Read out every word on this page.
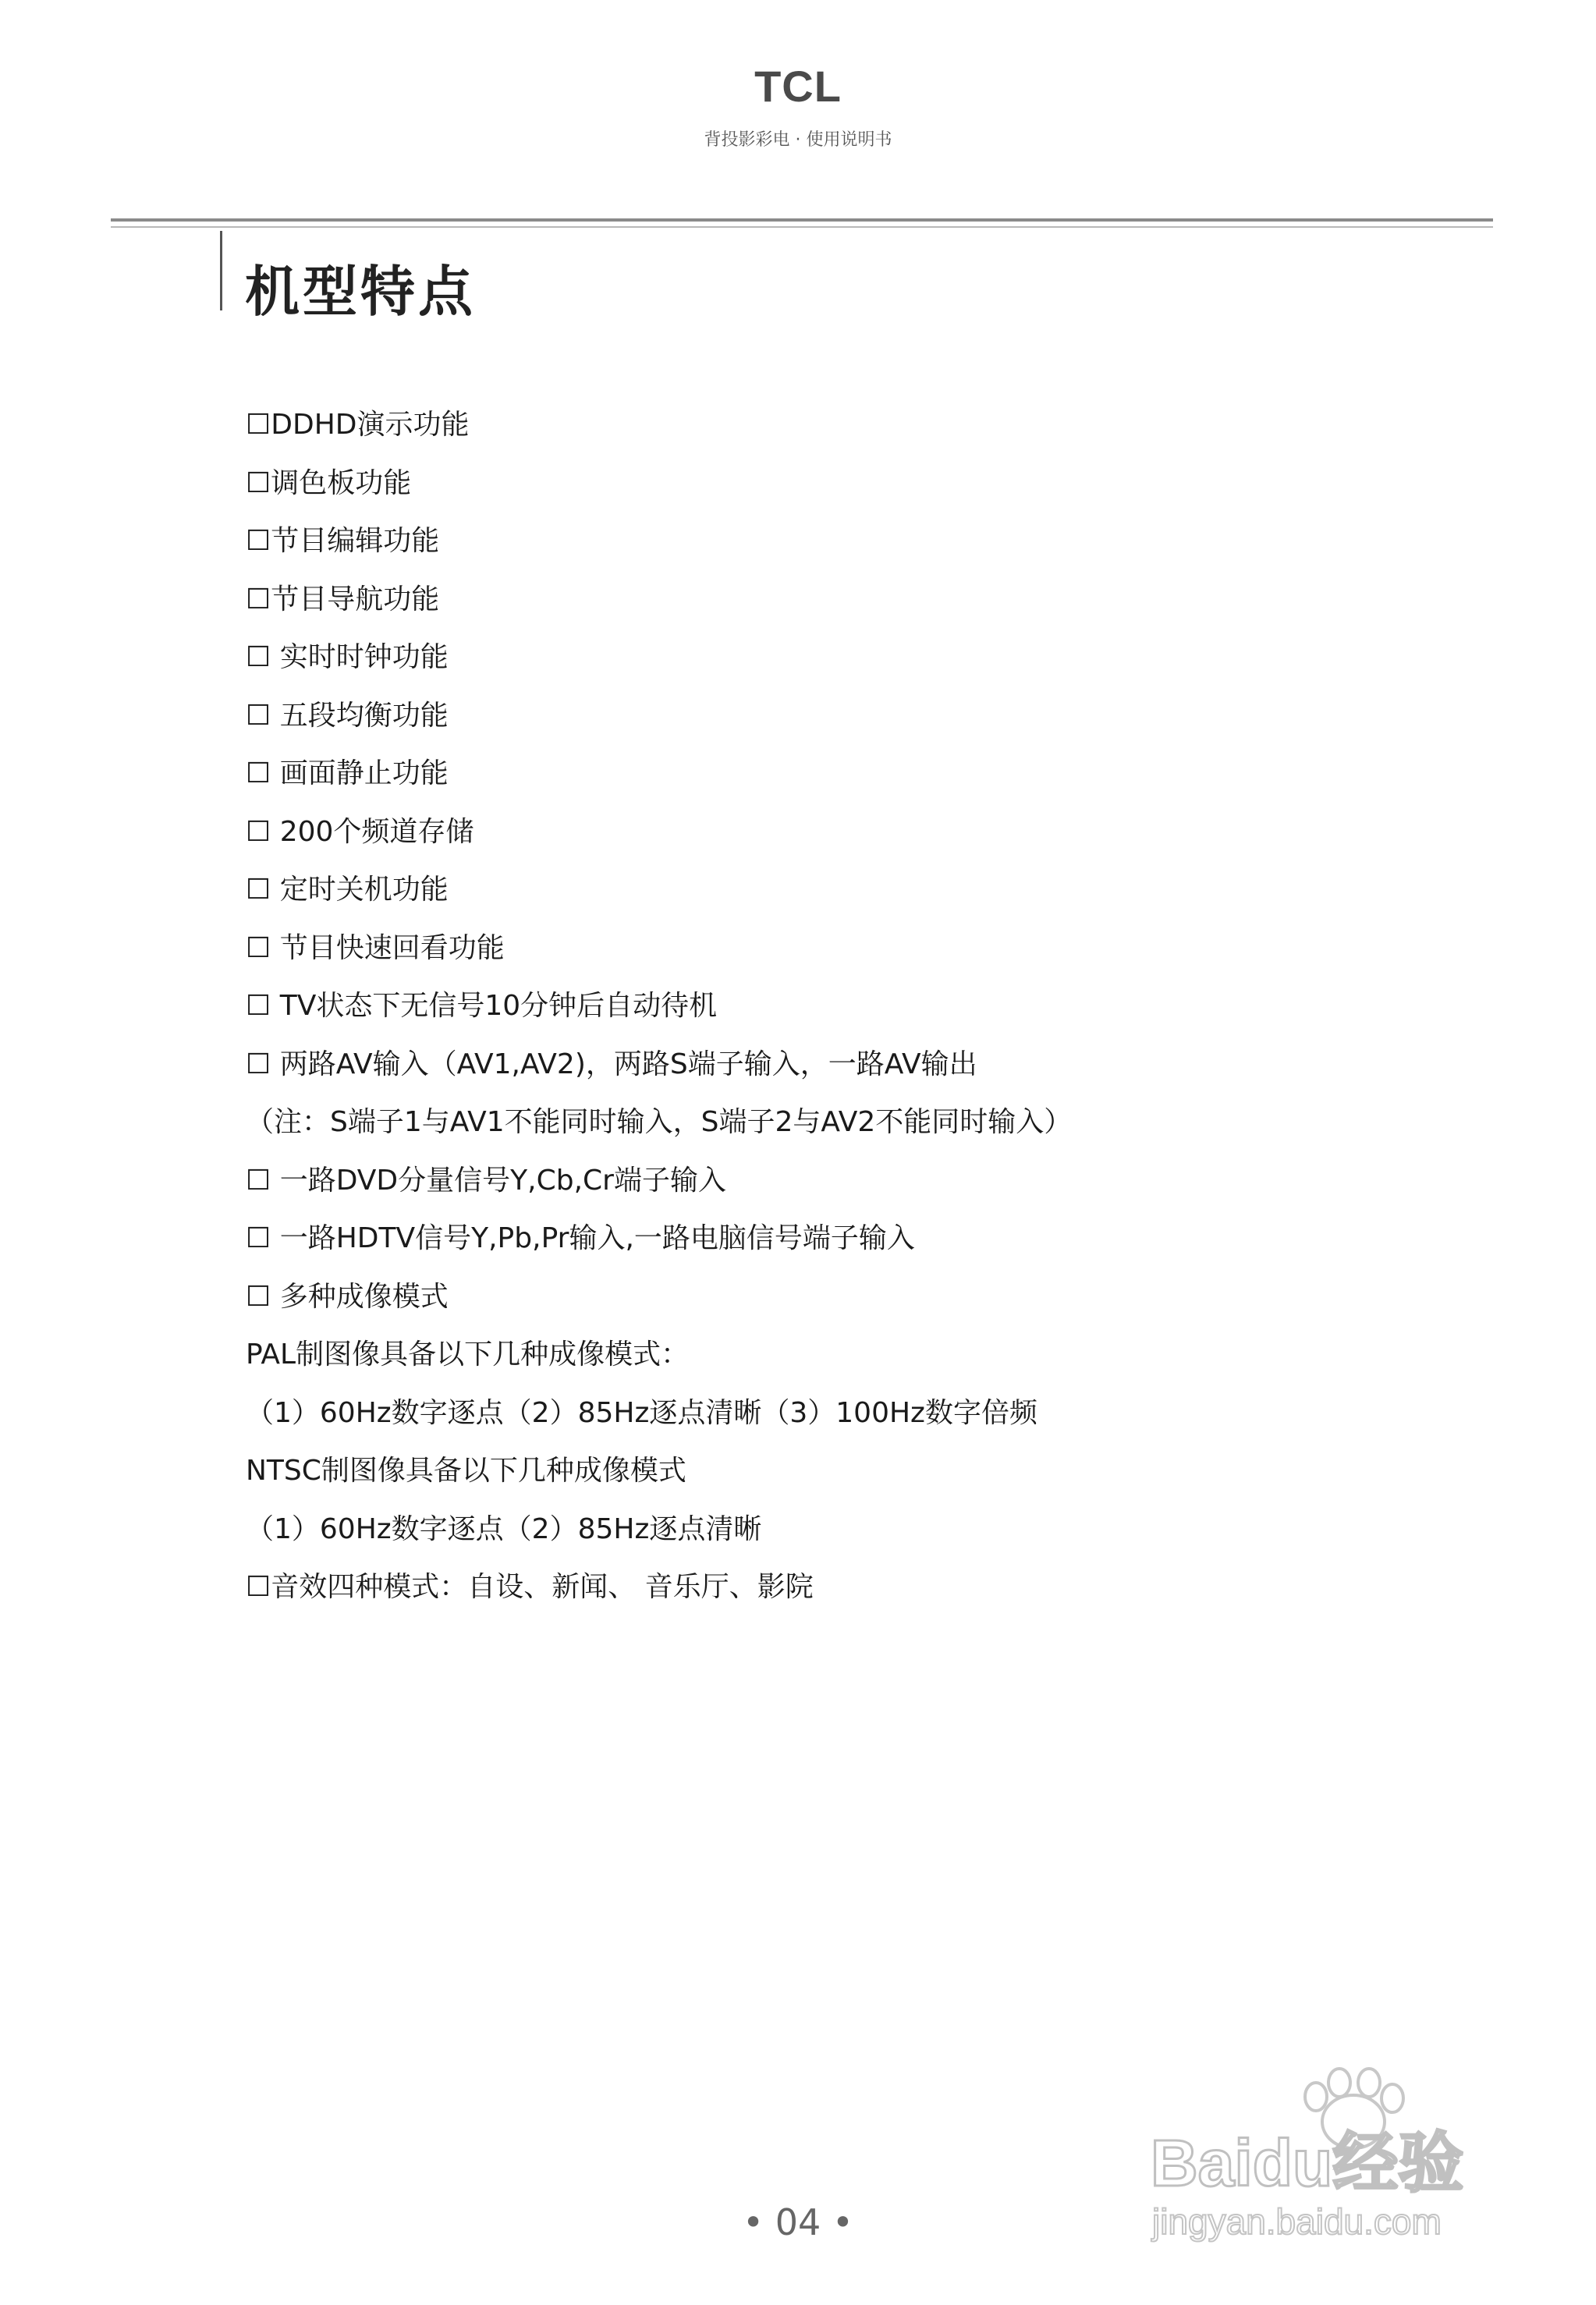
TCL
背投影彩电 · 使用说明书
机型特点
☐DDHD演示功能
☐调色板功能
☐节目编辑功能
☐节目导航功能
☐ 实时时钟功能
☐ 五段均衡功能
☐ 画面静止功能
☐ 200个频道存储
☐ 定时关机功能
☐ 节目快速回看功能
☐ TV状态下无信号10分钟后自动待机
☐ 两路AV输入（AV1,AV2)，两路S端子输入，一路AV输出
（注：S端子1与AV1不能同时输入，S端子2与AV2不能同时输入）
☐ 一路DVD分量信号Y,Cb,Cr端子输入
☐ 一路HDTV信号Y,Pb,Pr输入,一路电脑信号端子输入
☐ 多种成像模式
PAL制图像具备以下几种成像模式：
（1）60Hz数字逐点（2）85Hz逐点清晰（3）100Hz数字倍频
NTSC制图像具备以下几种成像模式
（1）60Hz数字逐点（2）85Hz逐点清晰
☐音效四种模式：自设、新闻、 音乐厅、影院
• 04 •
Baidu经验
jingyan.baidu.com
